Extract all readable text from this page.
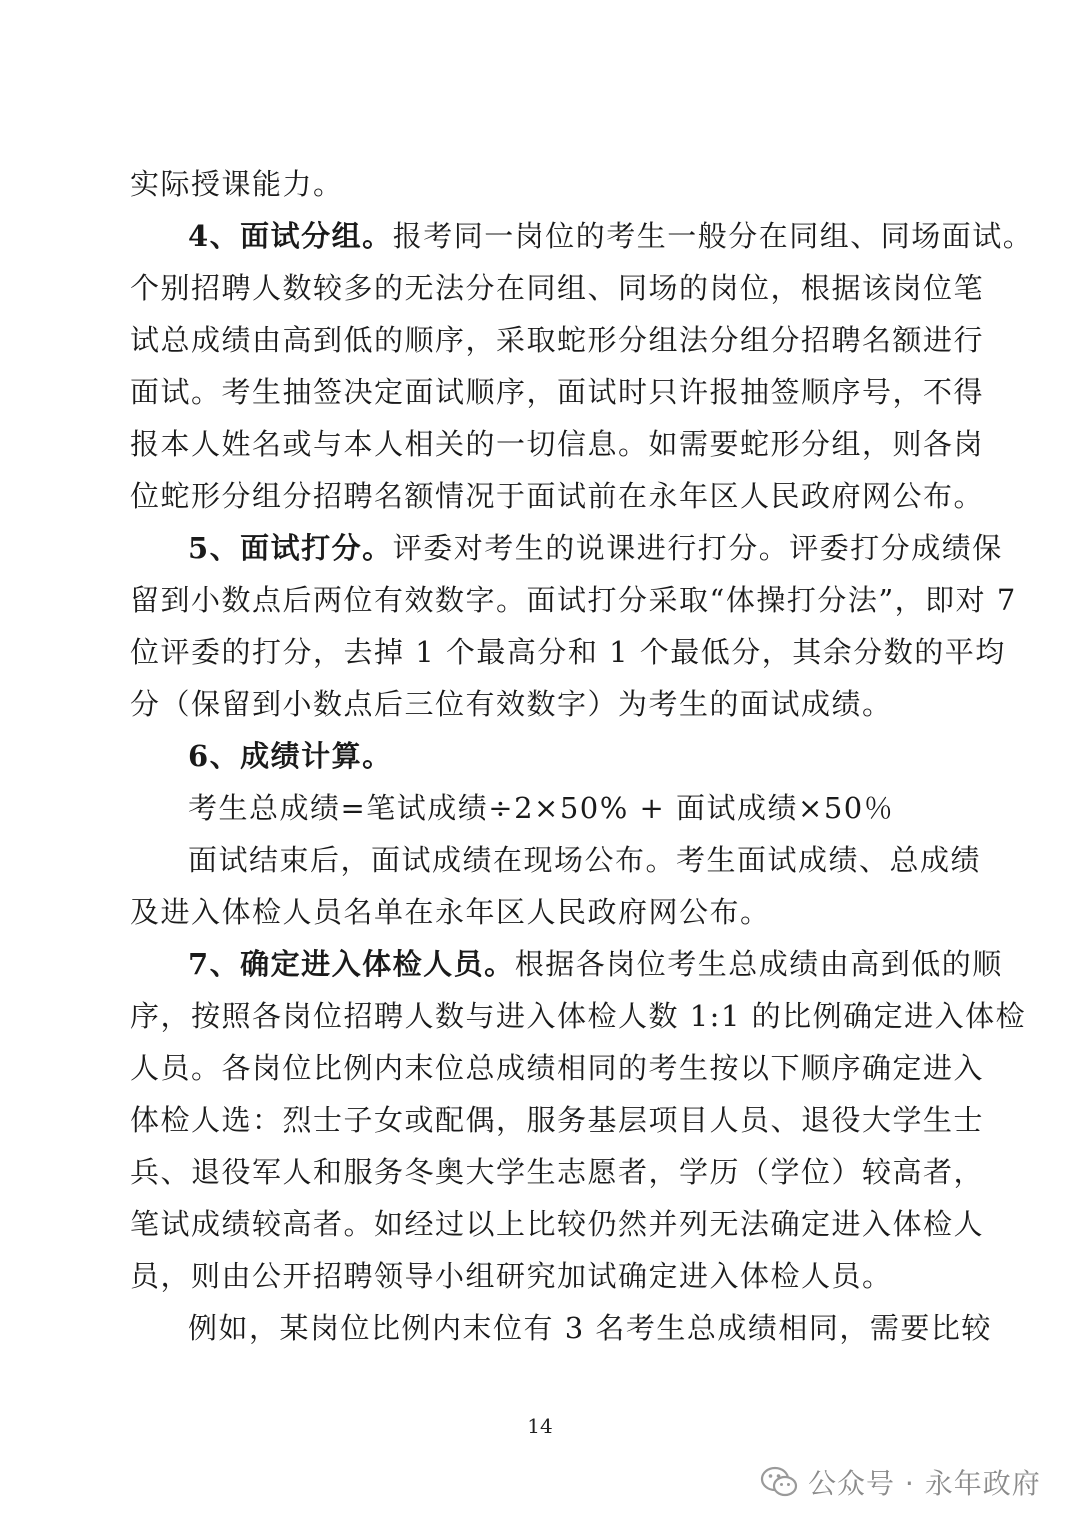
实际授课能力。

4、面试分组。报考同一岗位的考生一般分在同组、同场面试。
个别招聘人数较多的无法分在同组、同场的岗位，根据该岗位笔
试总成绩由高到低的顺序，采取蛇形分组法分组分招聘名额进行
面试。考生抽签决定面试顺序，面试时只许报抽签顺序号，不得
报本人姓名或与本人相关的一切信息。如需要蛇形分组，则各岗
位蛇形分组分招聘名额情况于面试前在永年区人民政府网公布。

5、面试打分。评委对考生的说课进行打分。评委打分成绩保
留到小数点后两位有效数字。面试打分采取“体操打分法”，即对 7
位评委的打分，去掉 1 个最高分和 1 个最低分，其余分数的平均
分（保留到小数点后三位有效数字）为考生的面试成绩。

6、成绩计算。
考生总成绩=笔试成绩÷2×50% + 面试成绩×50％
面试结束后，面试成绩在现场公布。考生面试成绩、总成绩
及进入体检人员名单在永年区人民政府网公布。

7、确定进入体检人员。根据各岗位考生总成绩由高到低的顺
序，按照各岗位招聘人数与进入体检人数 1:1 的比例确定进入体检
人员。各岗位比例内末位总成绩相同的考生按以下顺序确定进入
体检人选：烈士子女或配偶，服务基层项目人员、退役大学生士
兵、退役军人和服务冬奥大学生志愿者，学历（学位）较高者，
笔试成绩较高者。如经过以上比较仍然并列无法确定进入体检人
员，则由公开招聘领导小组研究加试确定进入体检人员。

例如，某岗位比例内末位有 3 名考生总成绩相同，需要比较

14
公众号 · 永年政府
